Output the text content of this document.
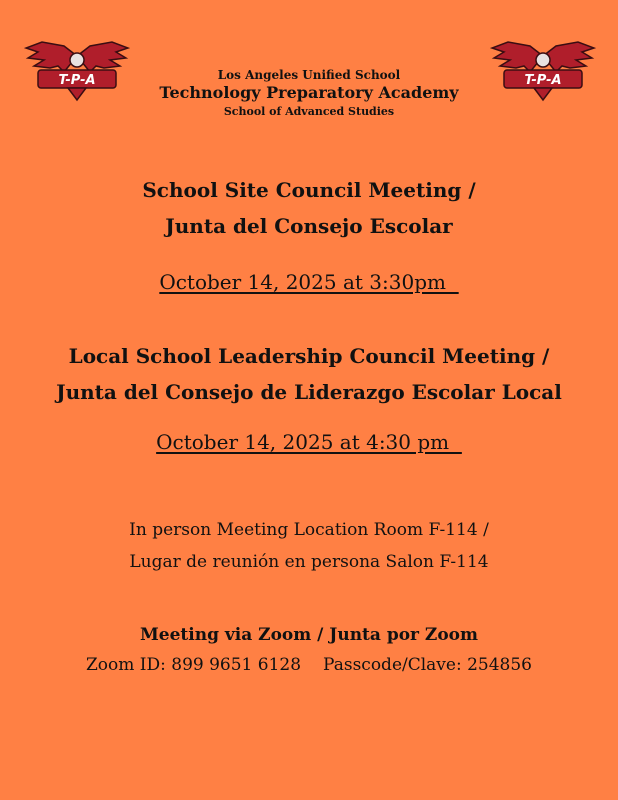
T-P-A	T-P-A
Los Angeles Unified School
Technology Preparatory Academy
School of Advanced Studies
School Site Council Meeting /
Junta del Consejo Escolar
October 14, 2025 at 3:30pm
Local School Leadership Council Meeting /
Junta del Consejo de Liderazgo Escolar Local
October 14, 2025 at 4:30 pm
In person Meeting Location Room F-114 /
Lugar de reunión en persona Salon F-114
Meeting via Zoom / Junta por Zoom
Zoom ID: 899 9651 6128 Passcode/Clave: 254856
